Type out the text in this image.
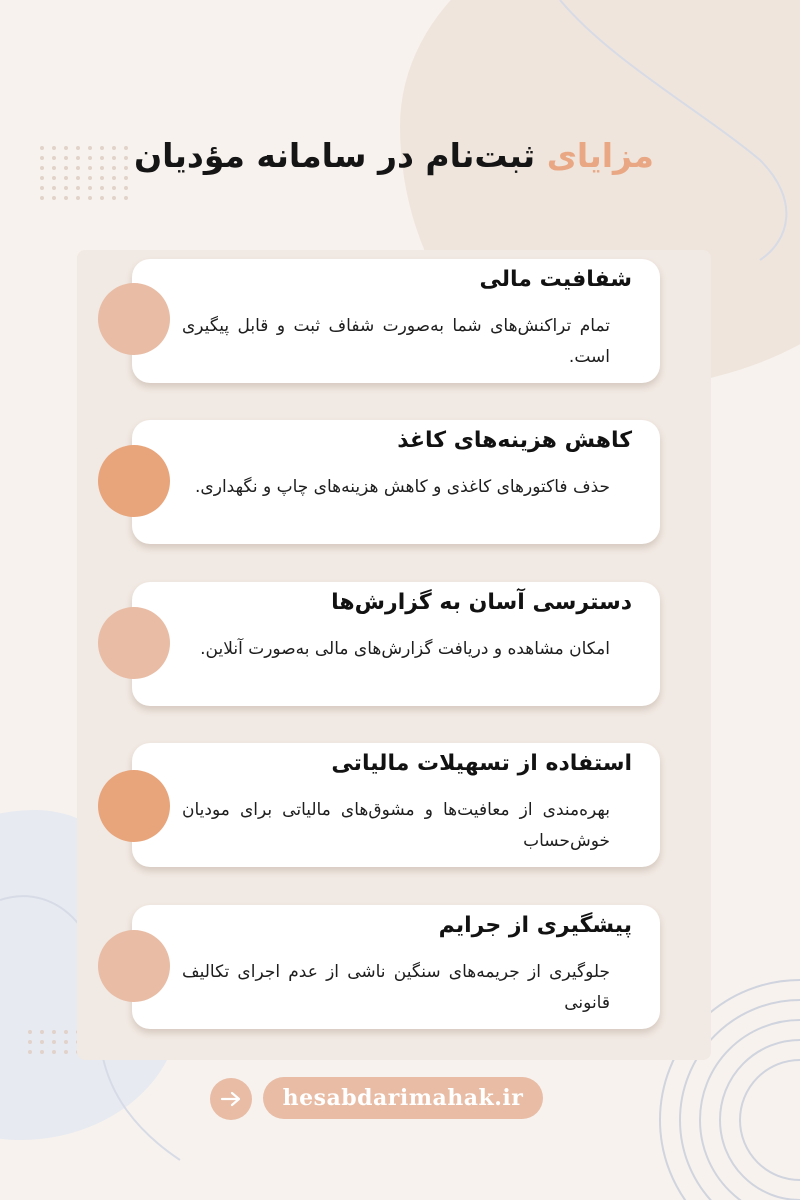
مزایای ثبت‌نام در سامانه مؤدیان
شفافیت مالی
تمام تراکنش‌های شما به‌صورت شفاف ثبت و قابل پیگیری است.
کاهش هزینه‌های کاغذ
حذف فاکتورهای کاغذی و کاهش هزینه‌های چاپ و نگهداری.
دسترسی آسان به گزارش‌ها
امکان مشاهده و دریافت گزارش‌های مالی به‌صورت آنلاین.
استفاده از تسهیلات مالیاتی
بهره‌مندی از معافیت‌ها و مشوق‌های مالیاتی برای مودیان خوش‌حساب
پیشگیری از جرایم
جلوگیری از جریمه‌های سنگین ناشی از عدم اجرای تکالیف قانونی
hesabdarimahak.ir
